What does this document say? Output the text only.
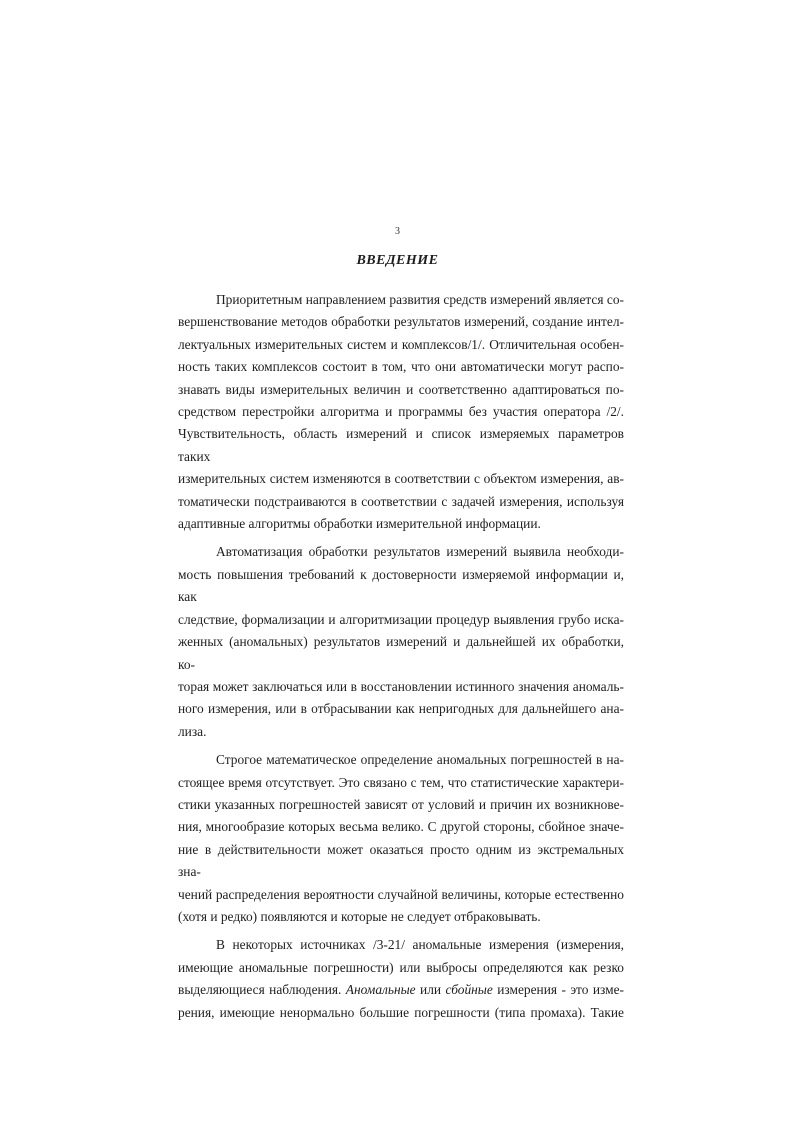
3
ВВЕДЕНИЕ

Приоритетным направлением развития средств измерений является со-
вершенствование методов обработки результатов измерений, создание интел-
лектуальных измерительных систем и комплексов/1/. Отличительная особен-
ность таких комплексов состоит в том, что они автоматически могут распо-
знавать виды измерительных величин и соответственно адаптироваться по-
средством перестройки алгоритма и программы без участия оператора /2/.
Чувствительность, область измерений и список измеряемых параметров таких
измерительных систем изменяются в соответствии с объектом измерения, ав-
томатически подстраиваются в соответствии с задачей измерения, используя
адаптивные алгоритмы обработки измерительной информации.

Автоматизация обработки результатов измерений выявила необходи-
мость повышения требований к достоверности измеряемой информации и, как
следствие, формализации и алгоритмизации процедур выявления грубо иска-
женных (аномальных) результатов измерений и дальнейшей их обработки, ко-
торая может заключаться или в восстановлении истинного значения аномаль-
ного измерения, или в отбрасывании как непригодных для дальнейшего ана-
лиза.

Строгое математическое определение аномальных погрешностей в на-
стоящее время отсутствует. Это связано с тем, что статистические характери-
стики указанных погрешностей зависят от условий и причин их возникнове-
ния, многообразие которых весьма велико. С другой стороны, сбойное значе-
ние в действительности может оказаться просто одним из экстремальных зна-
чений распределения вероятности случайной величины, которые естественно
(хотя и редко) появляются и которые не следует отбраковывать.

В некоторых источниках /3-21/ аномальные измерения (измерения,
имеющие аномальные погрешности) или выбросы определяются как резко
выделяющиеся наблюдения. Аномальные или сбойные измерения - это изме-
рения, имеющие ненормально большие погрешности (типа промаха). Такие
